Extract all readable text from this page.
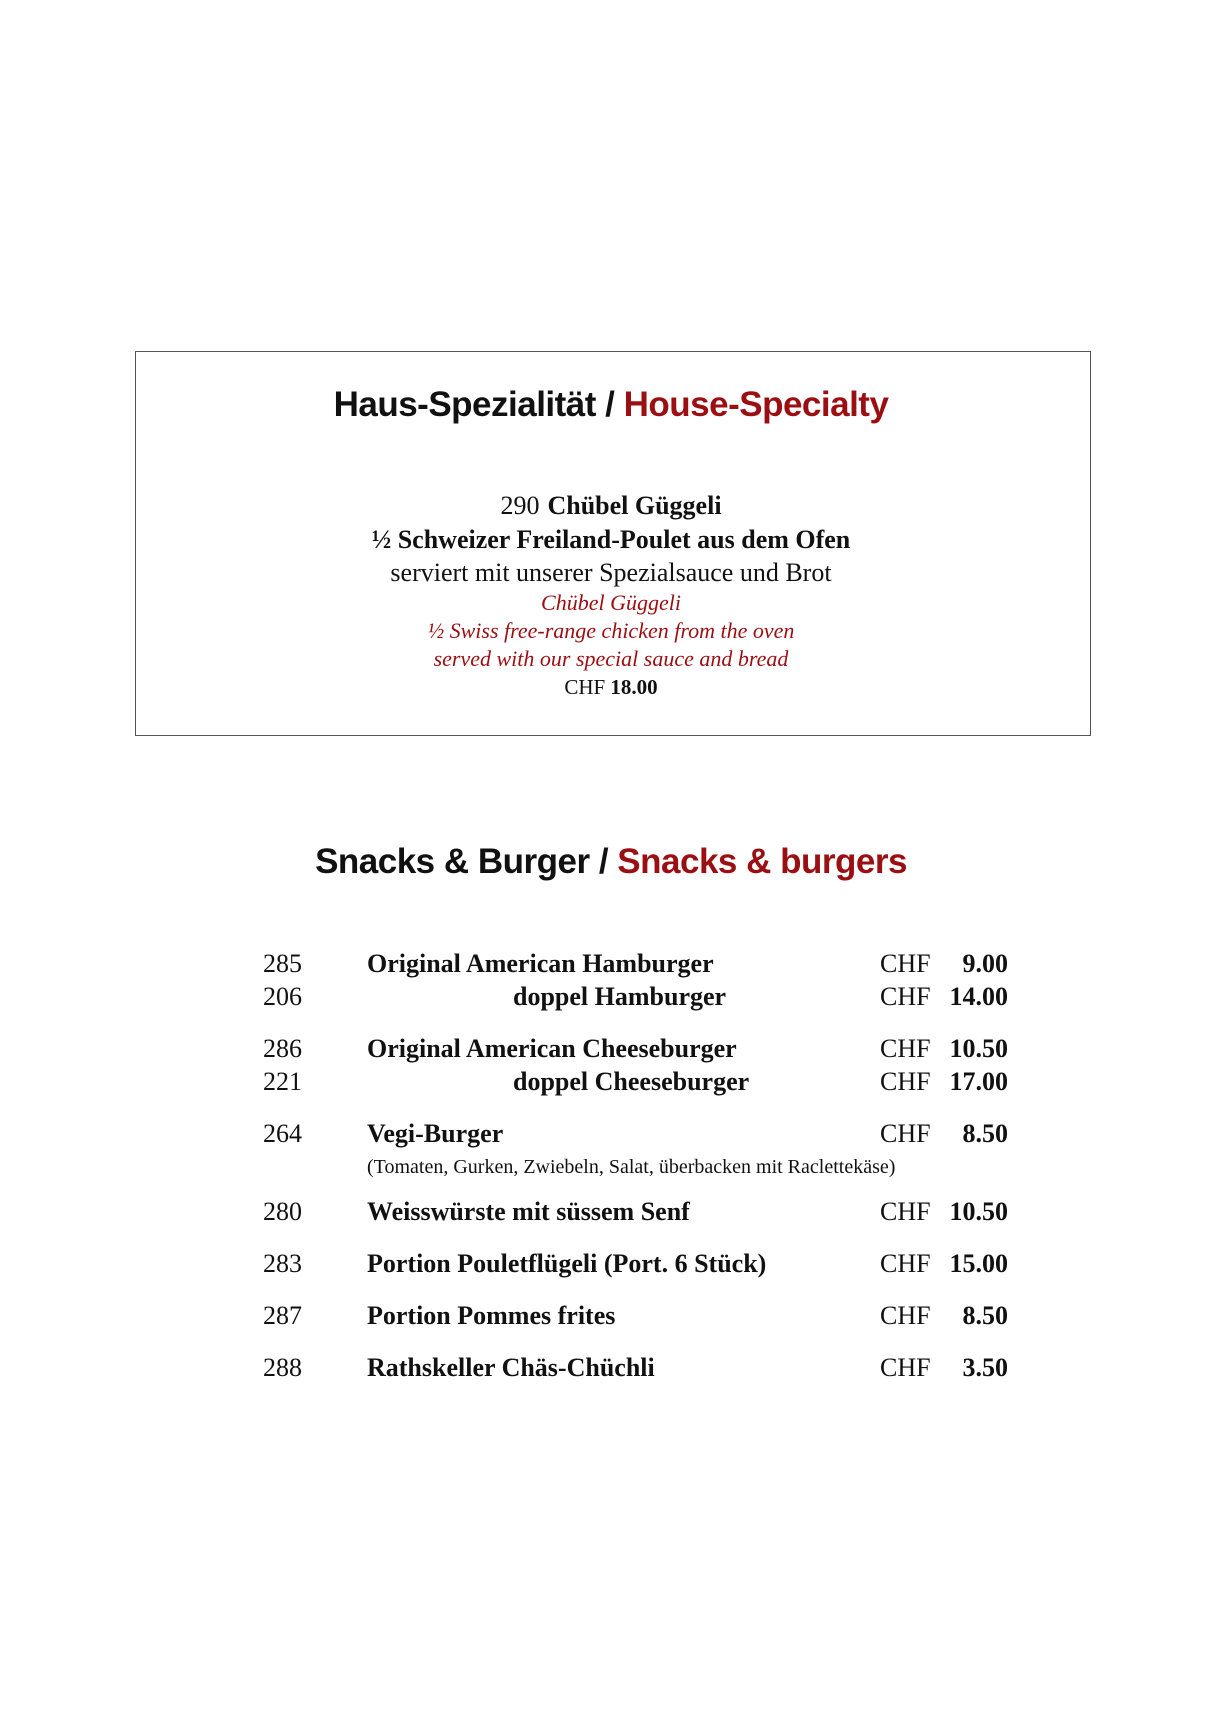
Haus-Spezialität / House-Specialty
290 Chübel Güggeli
½ Schweizer Freiland-Poulet aus dem Ofen
serviert mit unserer Spezialsauce und Brot
Chübel Güggeli
½ Swiss free-range chicken from the oven
served with our special sauce and bread
CHF 18.00
Snacks & Burger / Snacks & burgers
285	Original American Hamburger	CHF 9.00
206	doppel Hamburger	CHF 14.00
286	Original American Cheeseburger	CHF 10.50
221	doppel Cheeseburger	CHF 17.00
264	Vegi-Burger	CHF 8.50
(Tomaten, Gurken, Zwiebeln, Salat, überbacken mit Raclettekäse)
280	Weisswürste mit süssem Senf	CHF 10.50
283	Portion Pouletflügeli (Port. 6 Stück)	CHF 15.00
287	Portion Pommes frites	CHF 8.50
288	Rathskeller Chäs-Chüchli	CHF 3.50
